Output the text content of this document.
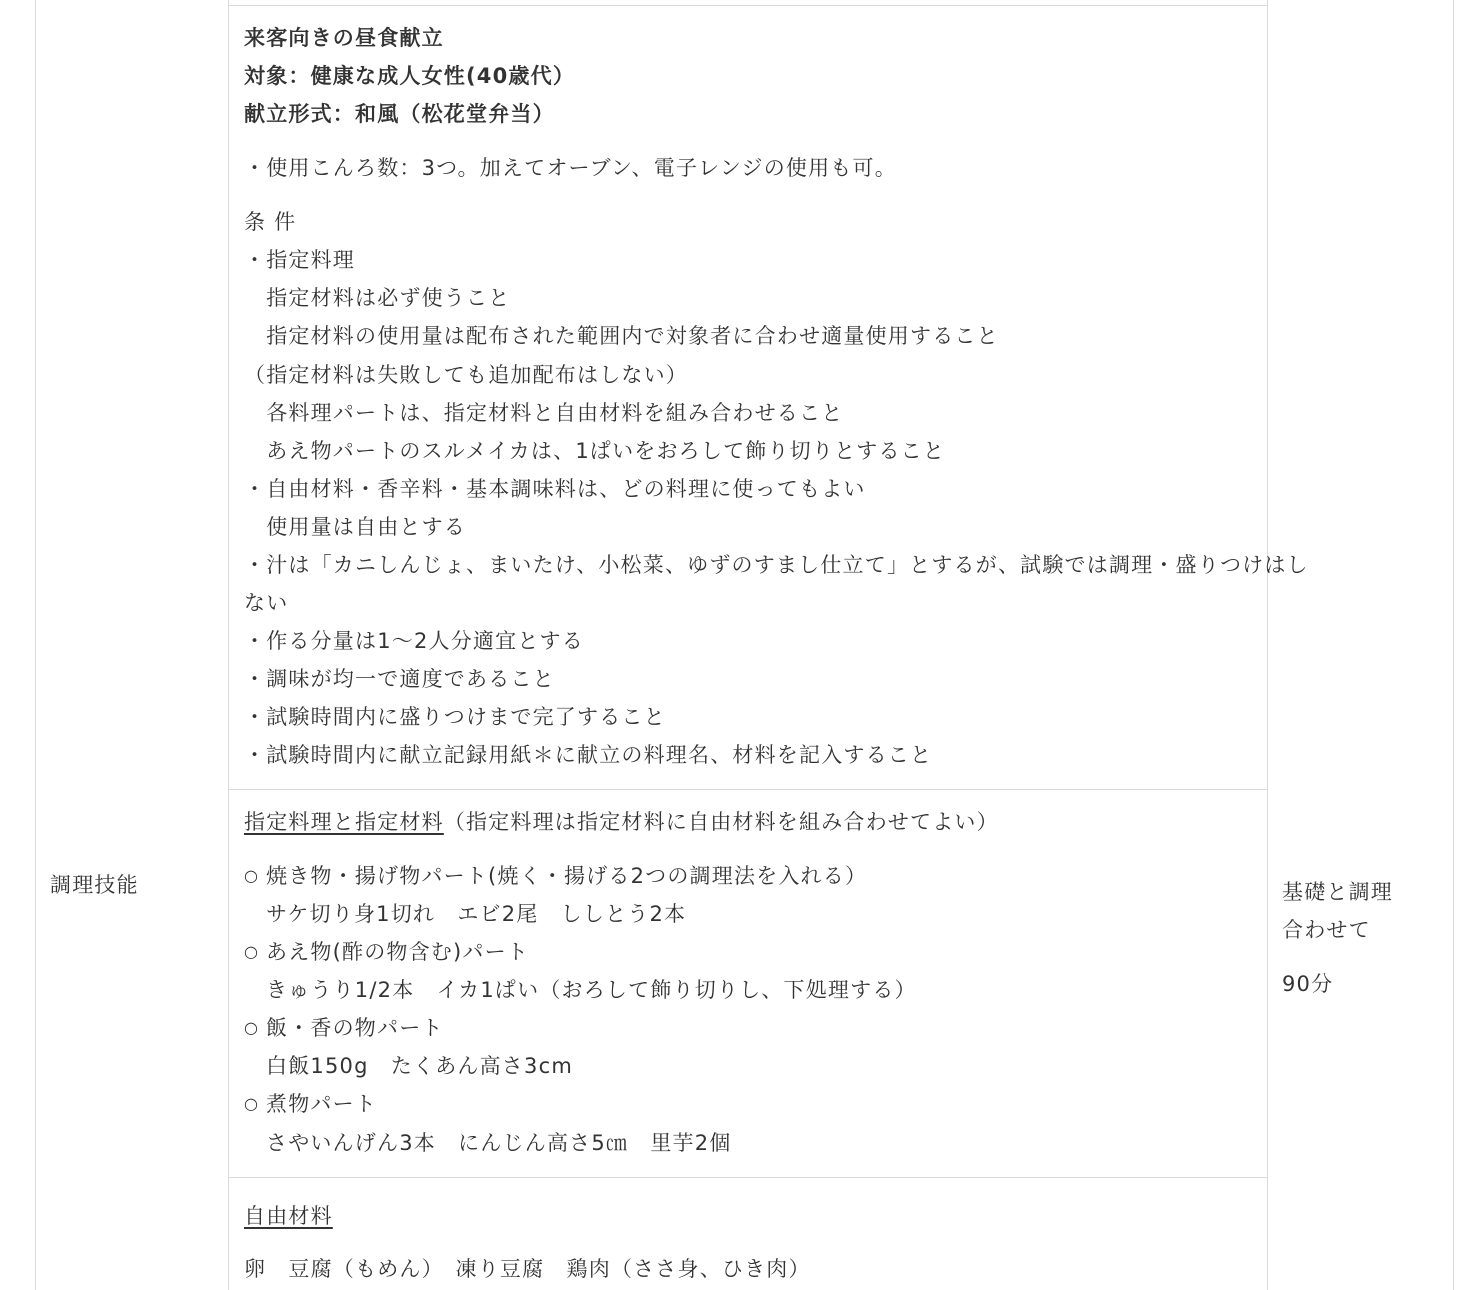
調理技能	基礎と調理
合わせて
90分
来客向きの昼食献立
対象：健康な成人女性(40歳代）
献立形式：和風（松花堂弁当）
・使用こんろ数：3つ。加えてオーブン、電子レンジの使用も可。
条 件
・指定料理
　指定材料は必ず使うこと
　指定材料の使用量は配布された範囲内で対象者に合わせ適量使用すること
（指定材料は失敗しても追加配布はしない）
　各料理パートは、指定材料と自由材料を組み合わせること
　あえ物パートのスルメイカは、1ぱいをおろして飾り切りとすること
・自由材料・香辛料・基本調味料は、どの料理に使ってもよい
　使用量は自由とする
・汁は「カニしんじょ、まいたけ、小松菜、ゆずのすまし仕立て」とするが、試験では調理・盛りつけはし
ない
・作る分量は1～2人分適宜とする
・調味が均一で適度であること
・試験時間内に盛りつけまで完了すること
・試験時間内に献立記録用紙＊に献立の料理名、材料を記入すること
指定料理と指定材料（指定料理は指定材料に自由材料を組み合わせてよい）
○ 焼き物・揚げ物パート(焼く・揚げる2つの調理法を入れる）
サケ切り身1切れ　エビ2尾　ししとう2本
○ あえ物(酢の物含む)パート
きゅうり1/2本　イカ1ぱい（おろして飾り切りし、下処理する）
○ 飯・香の物パート
白飯150g　たくあん高さ3cm
○ 煮物パート
さやいんげん3本　にんじん高さ5㎝　里芋2個
自由材料
卵　豆腐（もめん）　凍り豆腐　鶏肉（ささ身、ひき肉）
